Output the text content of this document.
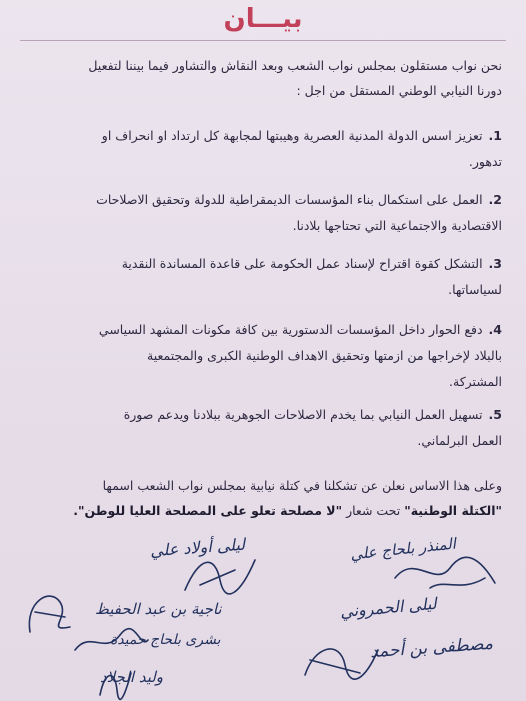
بيـــان
نحن نواب مستقلون بمجلس نواب الشعب وبعد النقاش والتشاور فيما بيننا لتفعيل
دورنا النيابي الوطني المستقل من اجل :
1.تعزيز اسس الدولة المدنية العصرية وهيبتها لمجابهة كل ارتداد او انحراف او
تدهور.
2.العمل على استكمال بناء المؤسسات الديمقراطية للدولة وتحقيق الاصلاحات
الاقتصادية والاجتماعية التي تحتاجها بلادنا.
3.التشكل كقوة اقتراح لإسناد عمل الحكومة على قاعدة المساندة النقدية
لسياساتها.
4.دفع الحوار داخل المؤسسات الدستورية بين كافة مكونات المشهد السياسي
بالبلاد لإخراجها من ازمتها وتحقيق الاهداف الوطنية الكبرى والمجتمعية
المشتركة.
5.تسهيل العمل النيابي بما يخدم الاصلاحات الجوهرية ببلادنا ويدعم صورة
العمل البرلماني.
وعلى هذا الاساس نعلن عن تشكلنا في كتلة نيابية بمجلس نواب الشعب اسمها
"الكتلة الوطنية" تحت شعار "لا مصلحة تعلو على المصلحة العليا للوطن".
ليلى أولاد علي	المنذر بلحاج علي
ناجية بن عبد الحفيظ	ليلى الحمروني
بشرى بلحاج حميدة	مصطفى بن أحمد
وليد الجلاد
